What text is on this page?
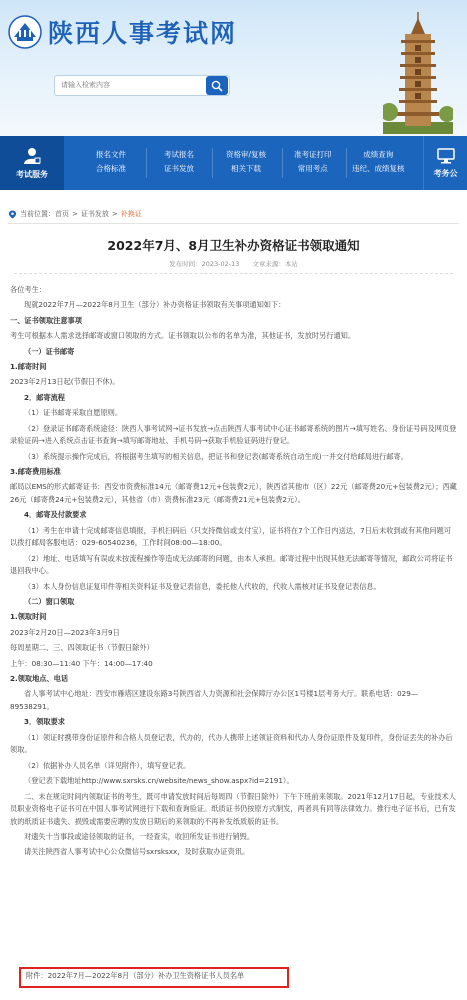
陕西人事考试网
请输入检索内容
考试服务
报名文件
合格标准
考试报名
证书发放
资格审/复核
相关下载
准考证打印
常用考点
成绩查询
违纪、成绩复核	考务公
当前位置： 首页 > 证书发放 > 补换证
2022年7月、8月卫生补办资格证书领取通知
发布时间：2023-02-13　　文章来源：本站

各位考生：

现就2022年7月—2022年8月卫生（部分）补办资格证书领取有关事项通知如下：

一、证书领取注意事项

考生可根据本人需求选择邮寄或窗口领取的方式。证书领取以公布的名单为准，其他证书，发放时另行通知。

（一）证书邮寄

1.邮寄时间

2023年2月13日起(节假日不休)。

2．邮寄流程

（1）证书邮寄采取自愿原则。

（2）登录证书邮寄系统途径：陕西人事考试网→证书发放→点击陕西人事考试中心证书邮寄系统的图片→填写姓名、身份证号码及网页登录验证码→进入系统点击证书查询→填写邮寄地址、手机号码→获取手机验证码进行登记。

（3）系统提示操作完成后，将根据考生填写的相关信息，把证书和登记表(邮寄系统自动生成)一并交付给邮局进行邮寄。

3.邮寄费用标准

邮局以EMS的形式邮寄证书：西安市资费标准14元（邮寄费12元+包装费2元），陕西省其他市（区）22元（邮寄费20元+包装费2元）；西藏26元（邮寄费24元+包装费2元），其他省（市）资费标准23元（邮寄费21元+包装费2元）。

4．邮寄及付款要求

（1）考生在申请十完成邮寄信息填报，手机扫码后（只支持微信或支付宝），证书将在7个工作日内送达，7日后未收到或有其他问题可以拨打邮局客服电话：029-60540236，工作时间08:00—18:00。

（2）地址、电话填写有误或未按流程操作等造成无法邮寄的问题，由本人承担。邮寄过程中出现其他无法邮寄等情况，邮政公司将证书退回我中心。

（3）本人身份信息证复印件等相关资料证书及登记表信息，委托他人代收的，代收人需核对证书及登记表信息。

（二）窗口领取

1.领取时间

2023年2月20日—2023年3月9日

每周星期二、三、四领取证书（节假日除外）

上午：08:30—11:40 下午：14:00—17:40

2.领取地点、电话

省人事考试中心地址：西安市雁塔区建设东路3号陕西省人力资源和社会保障厅办公区1号楼1层考务大厅。联系电话：029—89538291。

3．领取要求

（1）领证时携带身份证原件和合格人员登记表，代办的，代办人携带上述领证资料和代办人身份证原件及复印件，身份证丢失的补办后领取。

（2）依据补办人员名单（详见附件），填写登记表。

（登记表下载地址http://www.sxrsks.cn/website/news_show.aspx?id=2191）。

二、未在规定时间内领取证书的考生，既可申请发放时间后每周四（节假日除外）下午下班前来领取。2021年12月17日起，专业技术人员职业资格电子证书可在中国人事考试网进行下载和查询验证。纸质证书仍按原方式制发，两者具有同等法律效力。推行电子证书后，已有发放的纸质证书遗失、损毁或需要应聘的发放日期后的来领取的不再补发纸质版的证书。

对遗失十当事段或途径领取的证书，一经查实，收回所发证书进行销毁。

请关注陕西省人事考试中心公众微信号sxrsksxx，及时获取办证资讯。

附件：2022年7月—2022年8月（部分）补办卫生资格证书人员名单
